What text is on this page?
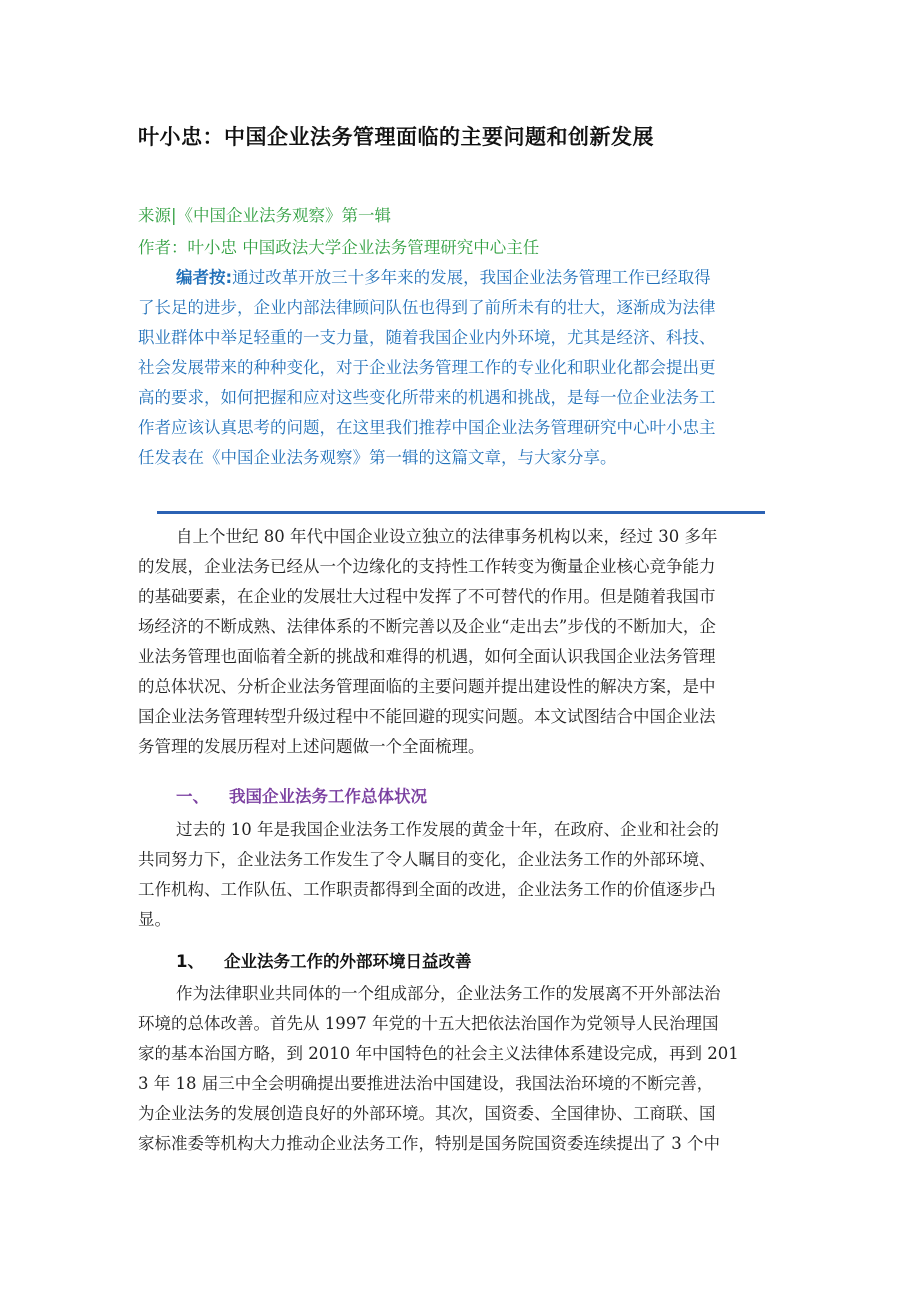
叶小忠：中国企业法务管理面临的主要问题和创新发展
来源|《中国企业法务观察》第一辑
作者：叶小忠 中国政法大学企业法务管理研究中心主任
编者按:通过改革开放三十多年来的发展，我国企业法务管理工作已经取得
了长足的进步，企业内部法律顾问队伍也得到了前所未有的壮大，逐渐成为法律
职业群体中举足轻重的一支力量，随着我国企业内外环境，尤其是经济、科技、
社会发展带来的种种变化，对于企业法务管理工作的专业化和职业化都会提出更
高的要求，如何把握和应对这些变化所带来的机遇和挑战，是每一位企业法务工
作者应该认真思考的问题，在这里我们推荐中国企业法务管理研究中心叶小忠主
任发表在《中国企业法务观察》第一辑的这篇文章，与大家分享。
自上个世纪 80 年代中国企业设立独立的法律事务机构以来，经过 30 多年
的发展，企业法务已经从一个边缘化的支持性工作转变为衡量企业核心竞争能力
的基础要素，在企业的发展壮大过程中发挥了不可替代的作用。但是随着我国市
场经济的不断成熟、法律体系的不断完善以及企业“走出去”步伐的不断加大，企
业法务管理也面临着全新的挑战和难得的机遇，如何全面认识我国企业法务管理
的总体状况、分析企业法务管理面临的主要问题并提出建设性的解决方案，是中
国企业法务管理转型升级过程中不能回避的现实问题。本文试图结合中国企业法
务管理的发展历程对上述问题做一个全面梳理。
一、 我国企业法务工作总体状况
过去的 10 年是我国企业法务工作发展的黄金十年，在政府、企业和社会的
共同努力下，企业法务工作发生了令人瞩目的变化，企业法务工作的外部环境、
工作机构、工作队伍、工作职责都得到全面的改进，企业法务工作的价值逐步凸
显。
1、 企业法务工作的外部环境日益改善
作为法律职业共同体的一个组成部分，企业法务工作的发展离不开外部法治
环境的总体改善。首先从 1997 年党的十五大把依法治国作为党领导人民治理国
家的基本治国方略，到 2010 年中国特色的社会主义法律体系建设完成，再到 201
3 年 18 届三中全会明确提出要推进法治中国建设，我国法治环境的不断完善，
为企业法务的发展创造良好的外部环境。其次，国资委、全国律协、工商联、国
家标准委等机构大力推动企业法务工作，特别是国务院国资委连续提出了 3 个中
